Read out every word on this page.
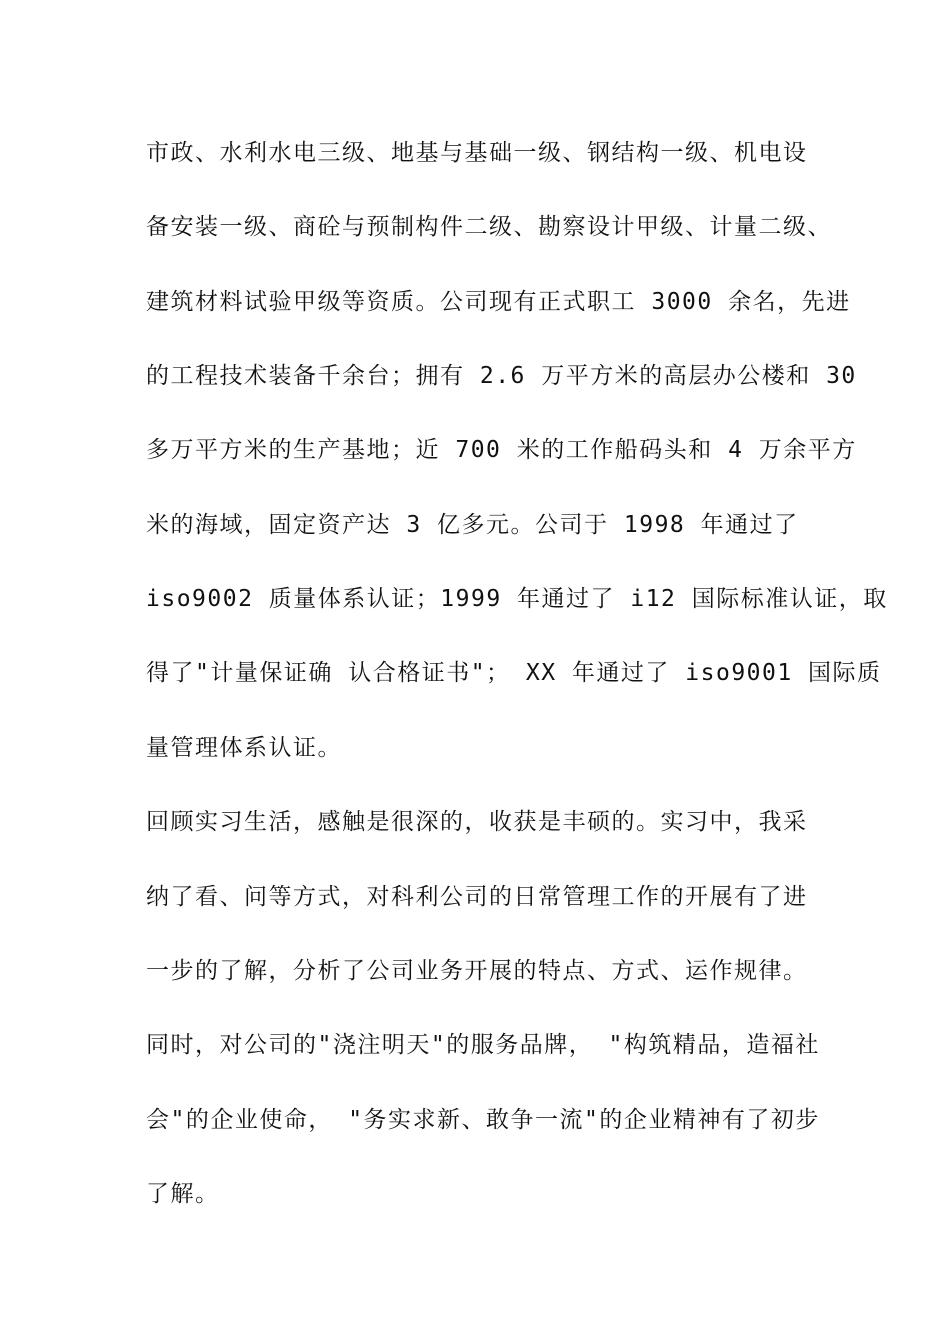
市政、水利水电三级、地基与基础一级、钢结构一级、机电设
备安装一级、商砼与预制构件二级、勘察设计甲级、计量二级、
建筑材料试验甲级等资质。公司现有正式职工 3000 余名，先进
的工程技术装备千余台；拥有 2.6 万平方米的高层办公楼和 30
多万平方米的生产基地；近 700 米的工作船码头和 4 万余平方
米的海域，固定资产达 3 亿多元。公司于 1998 年通过了
iso9002 质量体系认证；1999 年通过了 i12 国际标准认证，取
得了"计量保证确 认合格证书"； XX 年通过了 iso9001 国际质
量管理体系认证。
回顾实习生活，感触是很深的，收获是丰硕的。实习中，我采
纳了看、问等方式，对科利公司的日常管理工作的开展有了进
一步的了解，分析了公司业务开展的特点、方式、运作规律。
同时，对公司的"浇注明天"的服务品牌， "构筑精品，造福社
会"的企业使命， "务实求新、敢争一流"的企业精神有了初步
了解。
